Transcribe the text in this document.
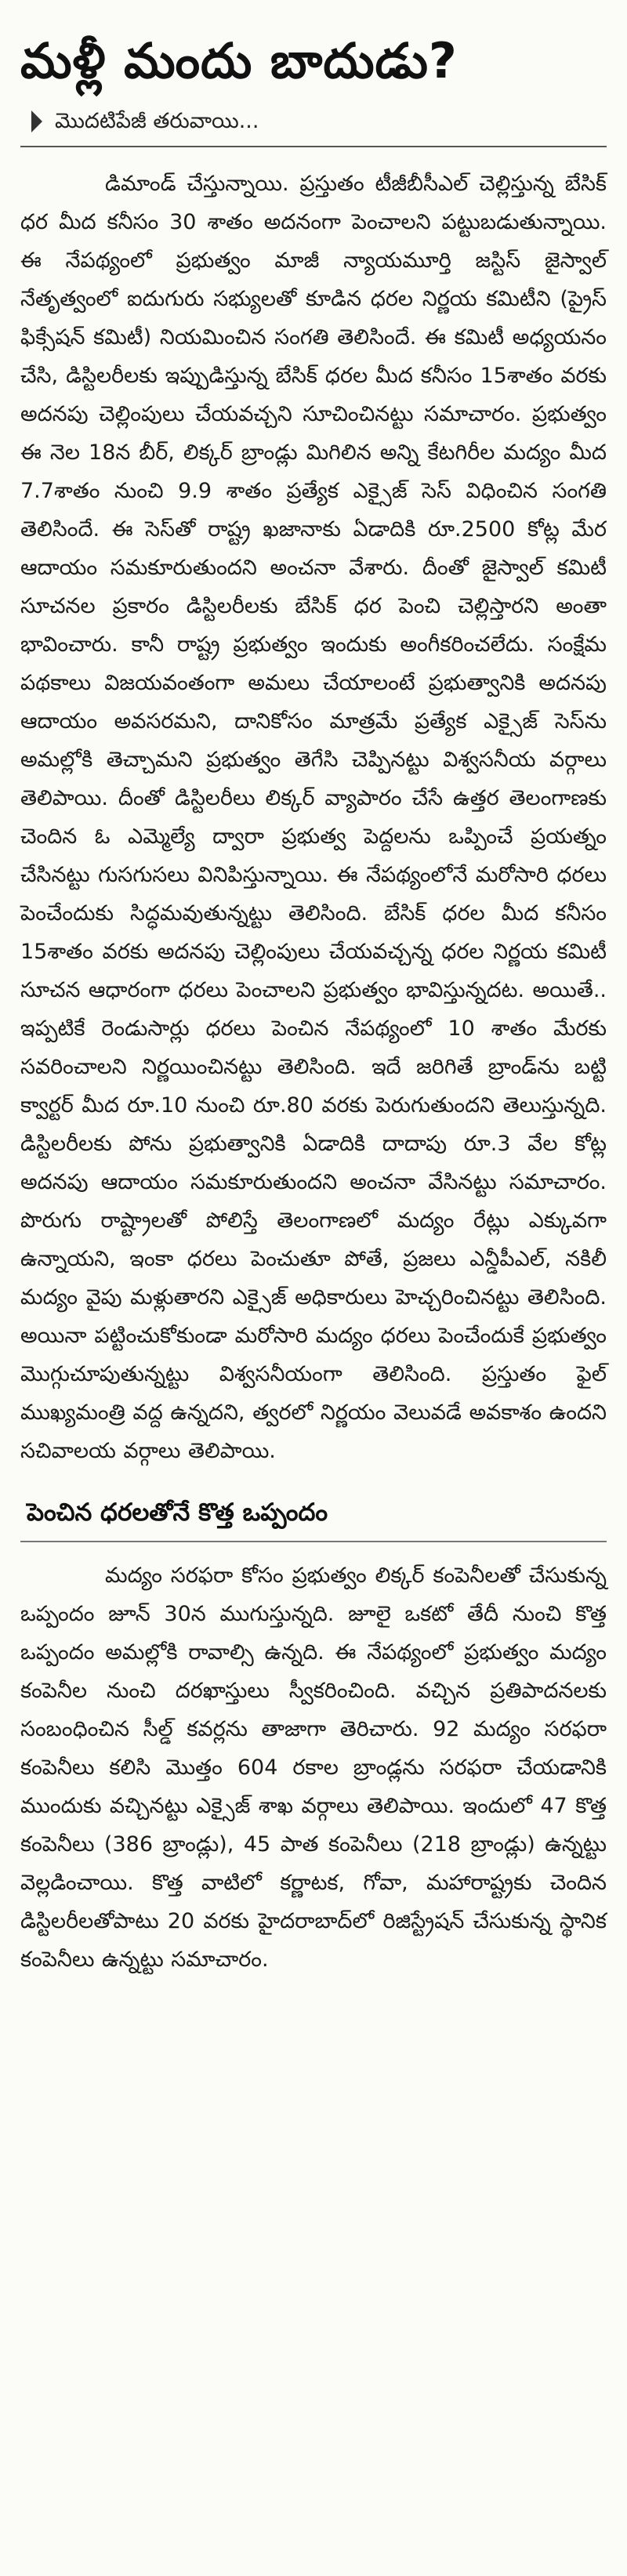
మళ్లీ మందు బాదుడు?
మొదటిపేజీ తరువాయి...

డిమాండ్ చేస్తున్నాయి. ప్రస్తుతం టీజీబీసీఎల్ చెల్లిస్తున్న బేసిక్ ధర మీద కనీసం 30 శాతం అదనంగా పెంచాలని పట్టుబడుతున్నాయి. ఈ నేపథ్యంలో ప్రభుత్వం మాజీ న్యాయమూర్తి జస్టిస్ జైస్వాల్ నేతృత్వంలో ఐదుగురు సభ్యులతో కూడిన ధరల నిర్ణయ కమిటీని (ప్రైస్ ఫిక్సేషన్ కమిటీ) నియమించిన సంగతి తెలిసిందే. ఈ కమిటీ అధ్యయనం చేసి, డిస్టిలరీలకు ఇప్పుడిస్తున్న బేసిక్ ధరల మీద కనీసం 15శాతం వరకు అదనపు చెల్లింపులు చేయవచ్చని సూచించినట్టు సమాచారం. ప్రభుత్వం ఈ నెల 18న బీర్, లిక్కర్ బ్రాండ్లు మిగిలిన అన్ని కేటగిరీల మద్యం మీద 7.7శాతం నుంచి 9.9 శాతం ప్రత్యేక ఎక్సైజ్ సెస్ విధించిన సంగతి తెలిసిందే. ఈ సెస్‌తో రాష్ట్ర ఖజానాకు ఏడాదికి రూ.2500 కోట్ల మేర ఆదాయం సమకూరుతుందని అంచనా వేశారు. దీంతో జైస్వాల్ కమిటీ సూచనల ప్రకారం డిస్టిలరీలకు బేసిక్ ధర పెంచి చెల్లిస్తారని అంతా భావించారు. కానీ రాష్ట్ర ప్రభుత్వం ఇందుకు అంగీకరించలేదు. సంక్షేమ పథకాలు విజయవంతంగా అమలు చేయాలంటే ప్రభుత్వానికి అదనపు ఆదాయం అవసరమని, దానికోసం మాత్రమే ప్రత్యేక ఎక్సైజ్ సెస్‌ను అమల్లోకి తెచ్చామని ప్రభుత్వం తెగేసి చెప్పినట్టు విశ్వసనీయ వర్గాలు తెలిపాయి. దీంతో డిస్టిలరీలు లిక్కర్ వ్యాపారం చేసే ఉత్తర తెలంగాణకు చెందిన ఓ ఎమ్మెల్యే ద్వారా ప్రభుత్వ పెద్దలను ఒప్పించే ప్రయత్నం చేసినట్టు గుసగుసలు వినిపిస్తున్నాయి. ఈ నేపథ్యంలోనే మరోసారి ధరలు పెంచేందుకు సిద్ధమవుతున్నట్టు తెలిసింది. బేసిక్ ధరల మీద కనీసం 15శాతం వరకు అదనపు చెల్లింపులు చేయవచ్చన్న ధరల నిర్ణయ కమిటీ సూచన ఆధారంగా ధరలు పెంచాలని ప్రభుత్వం భావిస్తున్నదట. అయితే.. ఇప్పటికే రెండుసార్లు ధరలు పెంచిన నేపథ్యంలో 10 శాతం మేరకు సవరించాలని నిర్ణయించినట్టు తెలిసింది. ఇదే జరిగితే బ్రాండ్‌ను బట్టి క్వార్టర్ మీద రూ.10 నుంచి రూ.80 వరకు పెరుగుతుందని తెలుస్తున్నది. డిస్టిలరీలకు పోను ప్రభుత్వానికి ఏడాదికి దాదాపు రూ.3 వేల కోట్ల అదనపు ఆదాయం సమకూరుతుందని అంచనా వేసినట్టు సమాచారం. పొరుగు రాష్ట్రాలతో పోలిస్తే తెలంగాణలో మద్యం రేట్లు ఎక్కువగా ఉన్నాయని, ఇంకా ధరలు పెంచుతూ పోతే, ప్రజలు ఎన్డీపీఎల్, నకిలీ మద్యం వైపు మళ్లుతారని ఎక్సైజ్ అధికారులు హెచ్చరించినట్టు తెలిసింది. అయినా పట్టించుకోకుండా మరోసారి మద్యం ధరలు పెంచేందుకే ప్రభుత్వం మొగ్గుచూపుతున్నట్టు విశ్వసనీయంగా తెలిసింది. ప్రస్తుతం ఫైల్ ముఖ్యమంత్రి వద్ద ఉన్నదని, త్వరలో నిర్ణయం వెలువడే అవకాశం ఉందని సచివాలయ వర్గాలు తెలిపాయి.

పెంచిన ధరలతోనే కొత్త ఒప్పందం

మద్యం సరఫరా కోసం ప్రభుత్వం లిక్కర్ కంపెనీలతో చేసుకున్న ఒప్పందం జూన్ 30న ముగుస్తున్నది. జూలై ఒకటో తేదీ నుంచి కొత్త ఒప్పందం అమల్లోకి రావాల్సి ఉన్నది. ఈ నేపథ్యంలో ప్రభుత్వం మద్యం కంపెనీల నుంచి దరఖాస్తులు స్వీకరించింది. వచ్చిన ప్రతిపాదనలకు సంబంధించిన సీల్డ్ కవర్లను తాజాగా తెరిచారు. 92 మద్యం సరఫరా కంపెనీలు కలిసి మొత్తం 604 రకాల బ్రాండ్లను సరఫరా చేయడానికి ముందుకు వచ్చినట్టు ఎక్సైజ్ శాఖ వర్గాలు తెలిపాయి. ఇందులో 47 కొత్త కంపెనీలు (386 బ్రాండ్లు), 45 పాత కంపెనీలు (218 బ్రాండ్లు) ఉన్నట్టు వెల్లడించాయి. కొత్త వాటిలో కర్ణాటక, గోవా, మహారాష్ట్రకు చెందిన డిస్టిలరీలతోపాటు 20 వరకు హైదరాబాద్‌లో రిజిస్ట్రేషన్ చేసుకున్న స్థానిక కంపెనీలు ఉన్నట్టు సమాచారం.
